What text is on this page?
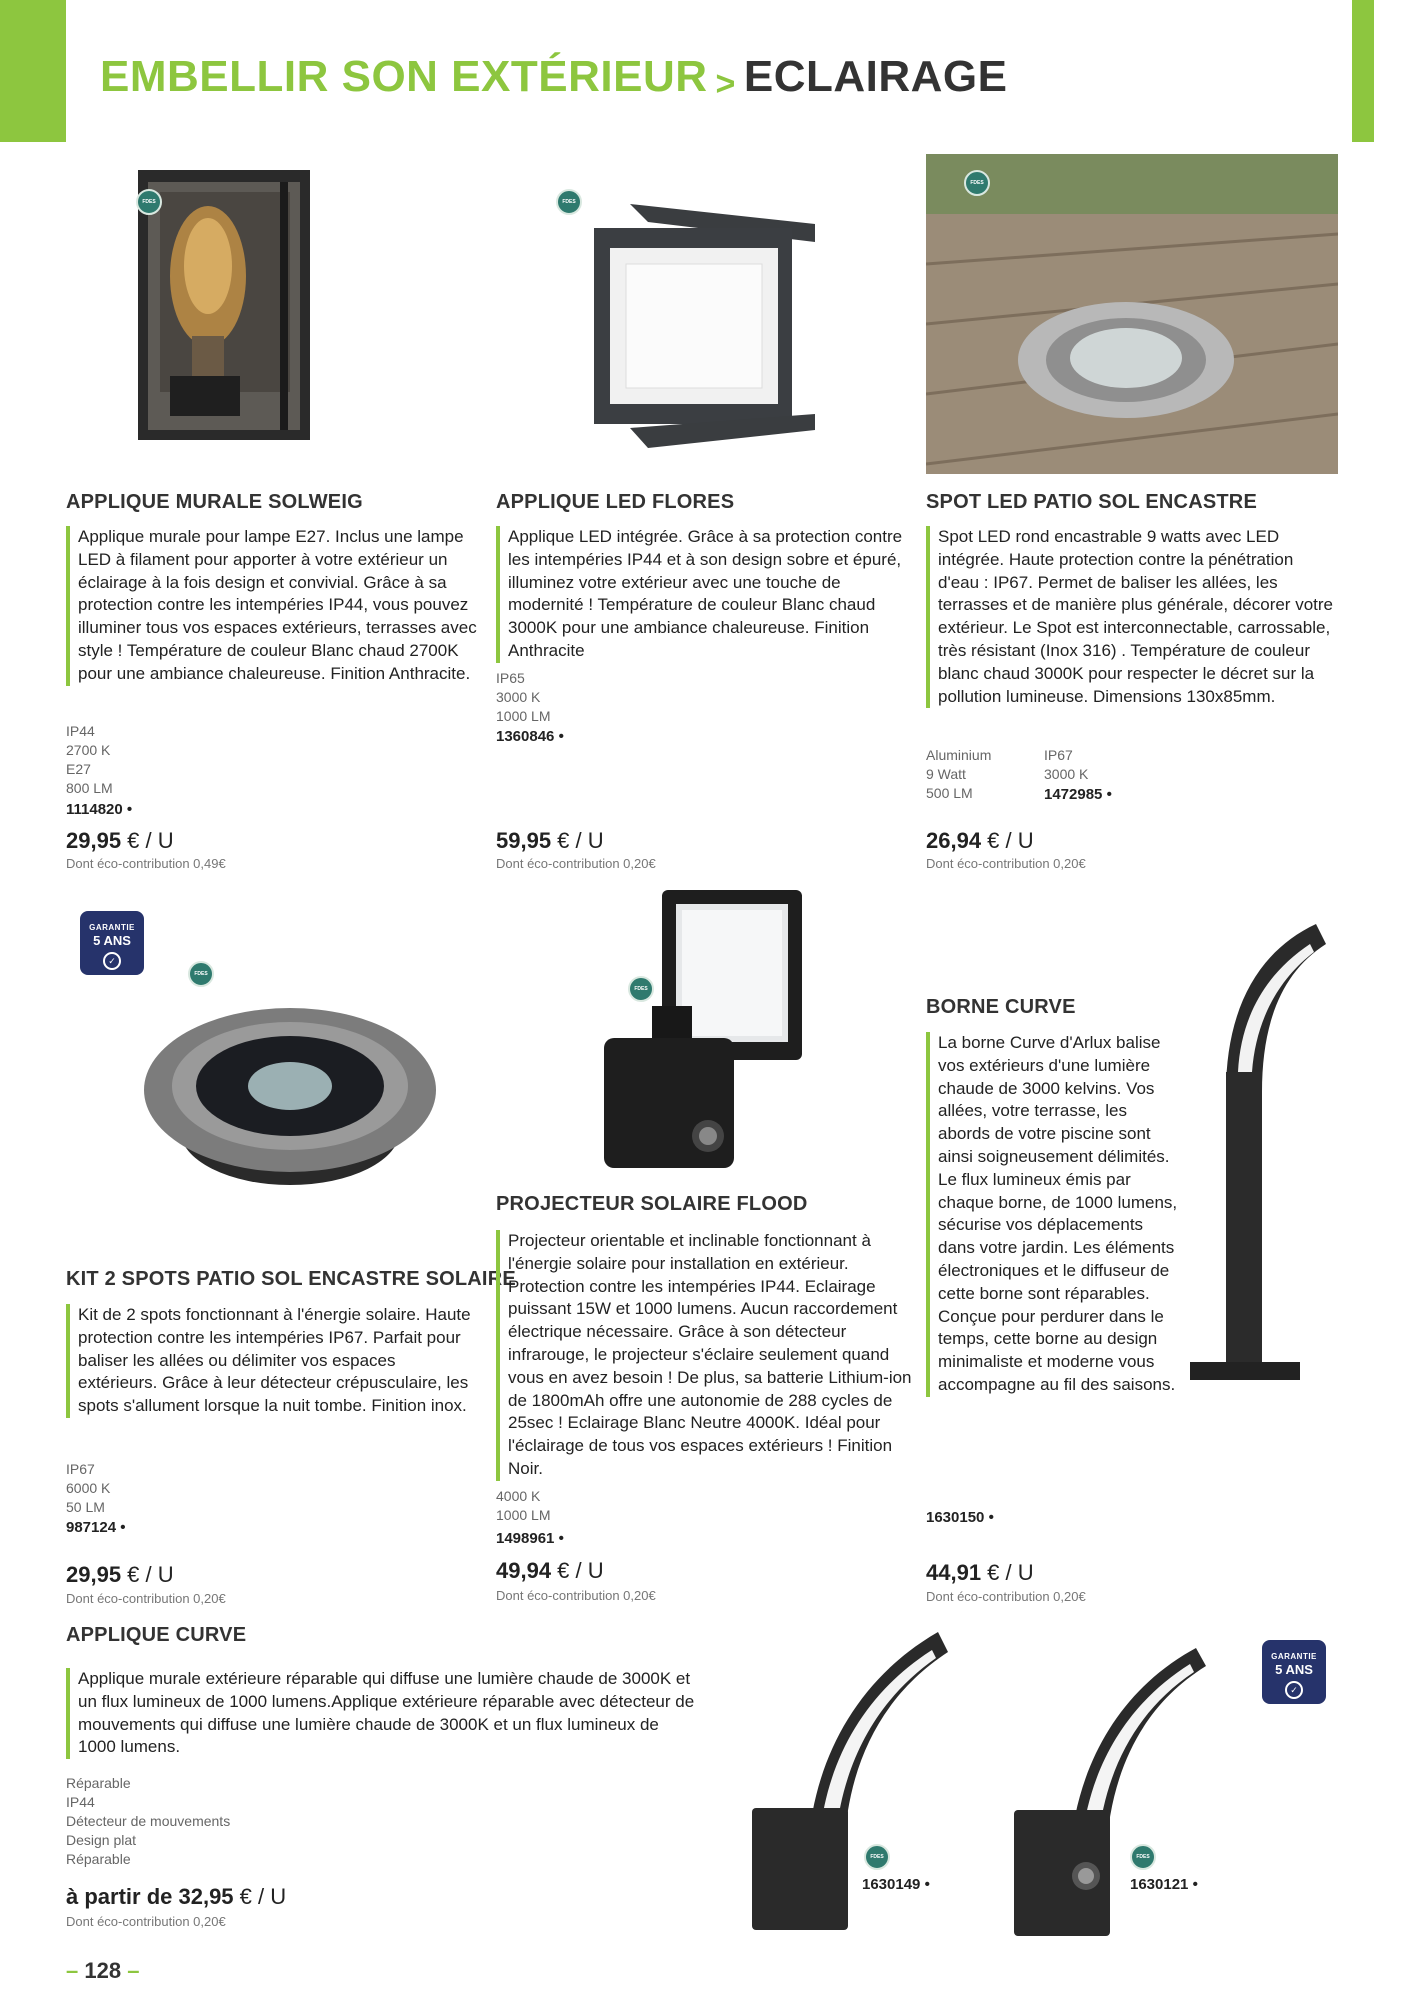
EMBELLIR SON EXTÉRIEUR > ECLAIRAGE
FDES
APPLIQUE MURALE SOLWEIG
Applique murale pour lampe E27. Inclus une lampe LED à filament pour apporter à votre extérieur un éclairage à la fois design et convivial. Grâce à sa protection contre les intempéries IP44, vous pouvez illuminer tous vos espaces extérieurs, terrasses avec style ! Température de couleur Blanc chaud 2700K pour une ambiance chaleureuse. Finition Anthracite.
IP44
2700 K
E27
800 LM
1114820 •
29,95 € / U
Dont éco-contribution 0,49€
FDES
APPLIQUE LED FLORES
Applique LED intégrée. Grâce à sa protection contre les intempéries IP44 et à son design sobre et épuré, illuminez votre extérieur avec une touche de modernité ! Température de couleur Blanc chaud 3000K pour une ambiance chaleureuse. Finition Anthracite
IP65
3000 K
1000 LM
1360846 •
59,95 € / U
Dont éco-contribution 0,20€
FDES
SPOT LED PATIO SOL ENCASTRE
Spot LED rond encastrable 9 watts avec LED intégrée. Haute protection contre la pénétration d'eau : IP67. Permet de baliser les allées, les terrasses et de manière plus générale, décorer votre extérieur. Le Spot est interconnectable, carrossable, très résistant (Inox 316) . Température de couleur blanc chaud 3000K pour respecter le décret sur la pollution lumineuse. Dimensions 130x85mm.
Aluminium
9 Watt
500 LM
IP67
3000 K
1472985 •
26,94 € / U
Dont éco-contribution 0,20€
GARANTIE
5 ANS
✓
FDES
KIT 2 SPOTS PATIO SOL ENCASTRE SOLAIRE
Kit de 2 spots fonctionnant à l'énergie solaire. Haute protection contre les intempéries IP67. Parfait pour baliser les allées ou délimiter vos espaces extérieurs. Grâce à leur détecteur crépusculaire, les spots s'allument lorsque la nuit tombe. Finition inox.
IP67
6000 K
50 LM
987124 •
29,95 € / U
Dont éco-contribution 0,20€
FDES
PROJECTEUR SOLAIRE FLOOD
Projecteur orientable et inclinable fonctionnant à l'énergie solaire pour installation en extérieur. Protection contre les intempéries IP44. Eclairage puissant 15W et 1000 lumens. Aucun raccordement électrique nécessaire. Grâce à son détecteur infrarouge, le projecteur s'éclaire seulement quand vous en avez besoin ! De plus, sa batterie Lithium-ion de 1800mAh offre une autonomie de 288 cycles de 25sec ! Eclairage Blanc Neutre 4000K. Idéal pour l'éclairage de tous vos espaces extérieurs ! Finition Noir.
4000 K
1000 LM
1498961 •
49,94 € / U
Dont éco-contribution 0,20€
BORNE CURVE
La borne Curve d'Arlux balise vos extérieurs d'une lumière chaude de 3000 kelvins. Vos allées, votre terrasse, les abords de votre piscine sont ainsi soigneusement délimités. Le flux lumineux émis par chaque borne, de 1000 lumens, sécurise vos déplacements dans votre jardin. Les éléments électroniques et le diffuseur de cette borne sont réparables. Conçue pour perdurer dans le temps, cette borne au design minimaliste et moderne vous accompagne au fil des saisons.
1630150 •
44,91 € / U
Dont éco-contribution 0,20€
APPLIQUE CURVE
Applique murale extérieure réparable qui diffuse une lumière chaude de 3000K et un flux lumineux de 1000 lumens.Applique extérieure réparable avec détecteur de mouvements qui diffuse une lumière chaude de 3000K et un flux lumineux de 1000 lumens.
Réparable
IP44
Détecteur de mouvements
Design plat
Réparable
à partir de 32,95 € / U
Dont éco-contribution 0,20€
FDES
1630149 •
FDES
1630121 •
GARANTIE
5 ANS
✓
– 128 –
